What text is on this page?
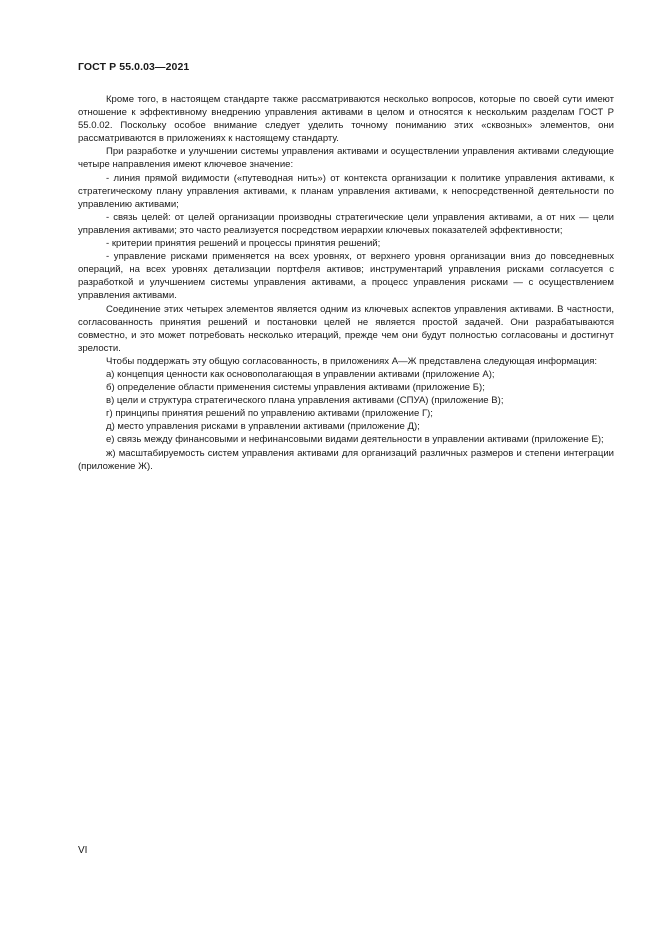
ГОСТ Р 55.0.03—2021

Кроме того, в настоящем стандарте также рассматриваются несколько вопросов, которые по своей сути имеют отношение к эффективному внедрению управления активами в целом и относятся к нескольким разделам ГОСТ Р 55.0.02. Поскольку особое внимание следует уделить точному пониманию этих «сквозных» элементов, они рассматриваются в приложениях к настоящему стандарту.

При разработке и улучшении системы управления активами и осуществлении управления активами следующие четыре направления имеют ключевое значение:

- линия прямой видимости («путеводная нить») от контекста организации к политике управления активами, к стратегическому плану управления активами, к планам управления активами, к непосредственной деятельности по управлению активами;

- связь целей: от целей организации производны стратегические цели управления активами, а от них — цели управления активами; это часто реализуется посредством иерархии ключевых показателей эффективности;

- критерии принятия решений и процессы принятия решений;

- управление рисками применяется на всех уровнях, от верхнего уровня организации вниз до повседневных операций, на всех уровнях детализации портфеля активов; инструментарий управления рисками согласуется с разработкой и улучшением системы управления активами, а процесс управления рисками — с осуществлением управления активами.

Соединение этих четырех элементов является одним из ключевых аспектов управления активами. В частности, согласованность принятия решений и постановки целей не является простой задачей. Они разрабатываются совместно, и это может потребовать несколько итераций, прежде чем они будут полностью согласованы и достигнут зрелости.

Чтобы поддержать эту общую согласованность, в приложениях А—Ж представлена следующая информация:

а) концепция ценности как основополагающая в управлении активами (приложение А);

б) определение области применения системы управления активами (приложение Б);

в) цели и структура стратегического плана управления активами (СПУА) (приложение В);

г) принципы принятия решений по управлению активами (приложение Г);

д) место управления рисками в управлении активами (приложение Д);

е) связь между финансовыми и нефинансовыми видами деятельности в управлении активами (приложение Е);

ж) масштабируемость систем управления активами для организаций различных размеров и степени интеграции (приложение Ж).

VI
